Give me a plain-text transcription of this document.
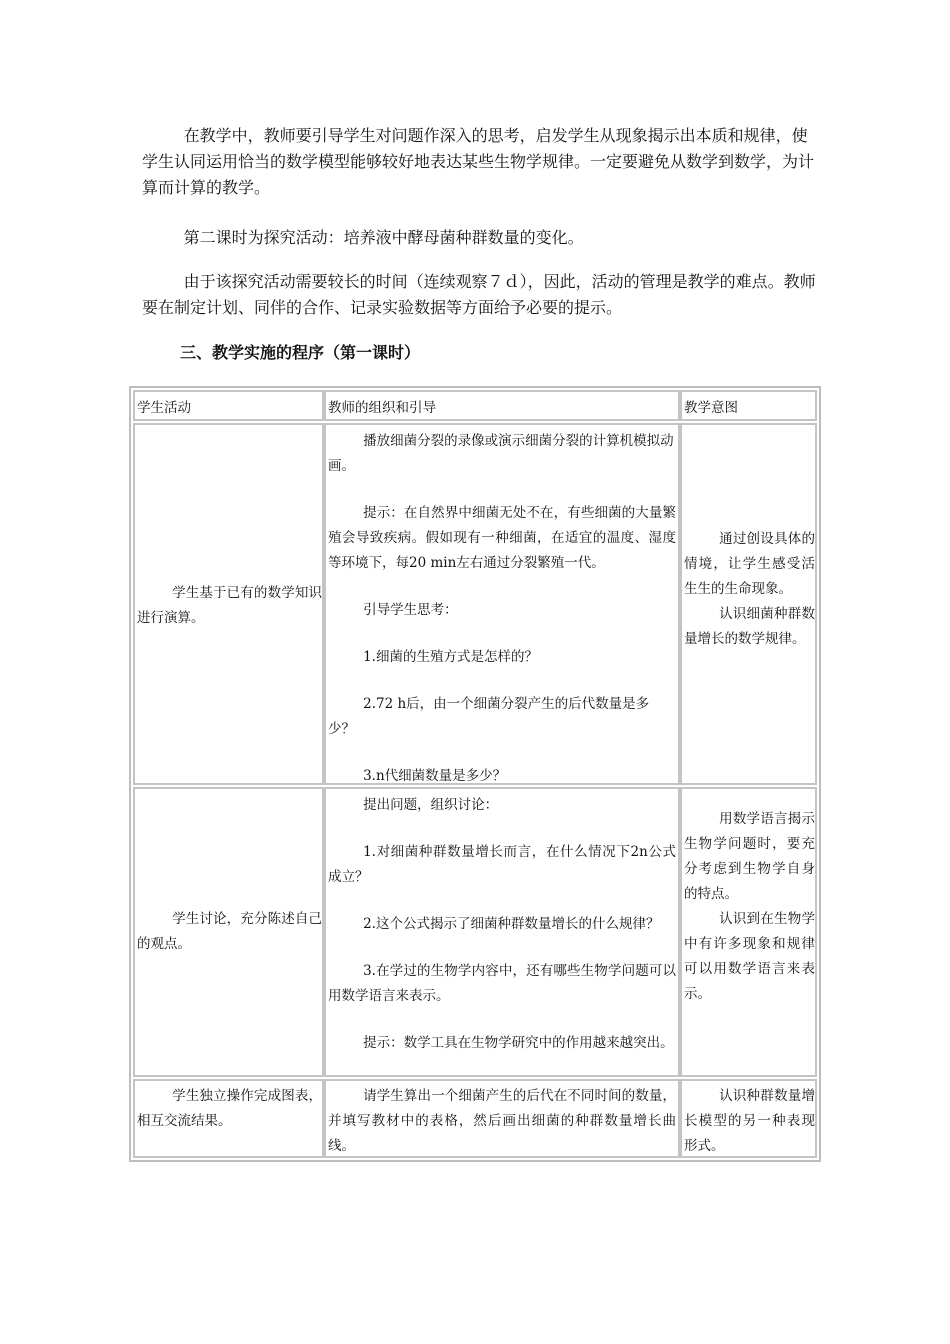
在教学中，教师要引导学生对问题作深入的思考，启发学生从现象揭示出本质和规律，使学生认同运用恰当的数学模型能够较好地表达某些生物学规律。一定要避免从数学到数学，为计算而计算的教学。

第二课时为探究活动：培养液中酵母菌种群数量的变化。

由于该探究活动需要较长的时间（连续观察７ｄ），因此，活动的管理是教学的难点。教师要在制定计划、同伴的合作、记录实验数据等方面给予必要的提示。

三、教学实施的程序（第一课时）

学生活动	教师的组织和引导	教学意图

学生基于已有的数学知识进行演算。

播放细菌分裂的录像或演示细菌分裂的计算机模拟动画。

提示：在自然界中细菌无处不在，有些细菌的大量繁殖会导致疾病。假如现有一种细菌，在适宜的温度、湿度等环境下，每20 min左右通过分裂繁殖一代。

引导学生思考：

1.细菌的生殖方式是怎样的？

2.72 h后，由一个细菌分裂产生的后代数量是多少？

3.n代细菌数量是多少？

通过创设具体的情境，让学生感受活生生的生命现象。

认识细菌种群数量增长的数学规律。

学生讨论，充分陈述自己的观点。

提出问题，组织讨论：

1.对细菌种群数量增长而言，在什么情况下2n公式成立？

2.这个公式揭示了细菌种群数量增长的什么规律？

3.在学过的生物学内容中，还有哪些生物学问题可以用数学语言来表示。

提示：数学工具在生物学研究中的作用越来越突出。

用数学语言揭示生物学问题时，要充分考虑到生物学自身的特点。

认识到在生物学中有许多现象和规律可以用数学语言来表示。

学生独立操作完成图表，相互交流结果。

请学生算出一个细菌产生的后代在不同时间的数量，并填写教材中的表格，然后画出细菌的种群数量增长曲线。

认识种群数量增长模型的另一种表现形式。
